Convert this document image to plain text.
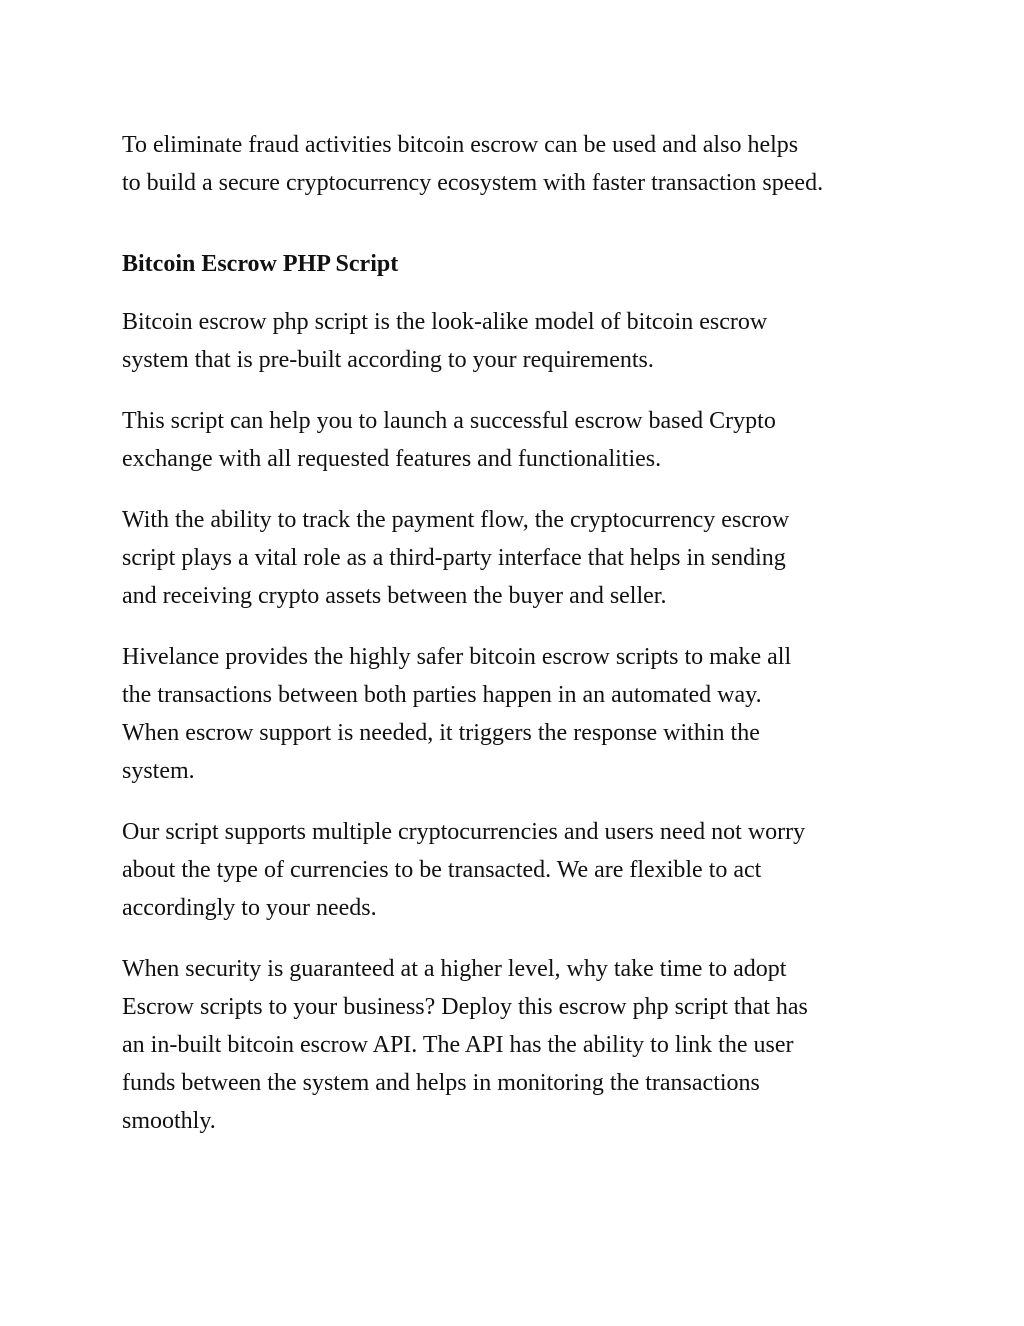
To eliminate fraud activities bitcoin escrow can be used and also helps
to build a secure cryptocurrency ecosystem with faster transaction speed.

Bitcoin Escrow PHP Script

Bitcoin escrow php script is the look-alike model of bitcoin escrow
system that is pre-built according to your requirements.

This script can help you to launch a successful escrow based Crypto
exchange with all requested features and functionalities.

With the ability to track the payment flow, the cryptocurrency escrow
script plays a vital role as a third-party interface that helps in sending
and receiving crypto assets between the buyer and seller.

Hivelance provides the highly safer bitcoin escrow scripts to make all
the transactions between both parties happen in an automated way.
When escrow support is needed, it triggers the response within the
system.

Our script supports multiple cryptocurrencies and users need not worry
about the type of currencies to be transacted. We are flexible to act
accordingly to your needs.

When security is guaranteed at a higher level, why take time to adopt
Escrow scripts to your business? Deploy this escrow php script that has
an in-built bitcoin escrow API. The API has the ability to link the user
funds between the system and helps in monitoring the transactions
smoothly.
